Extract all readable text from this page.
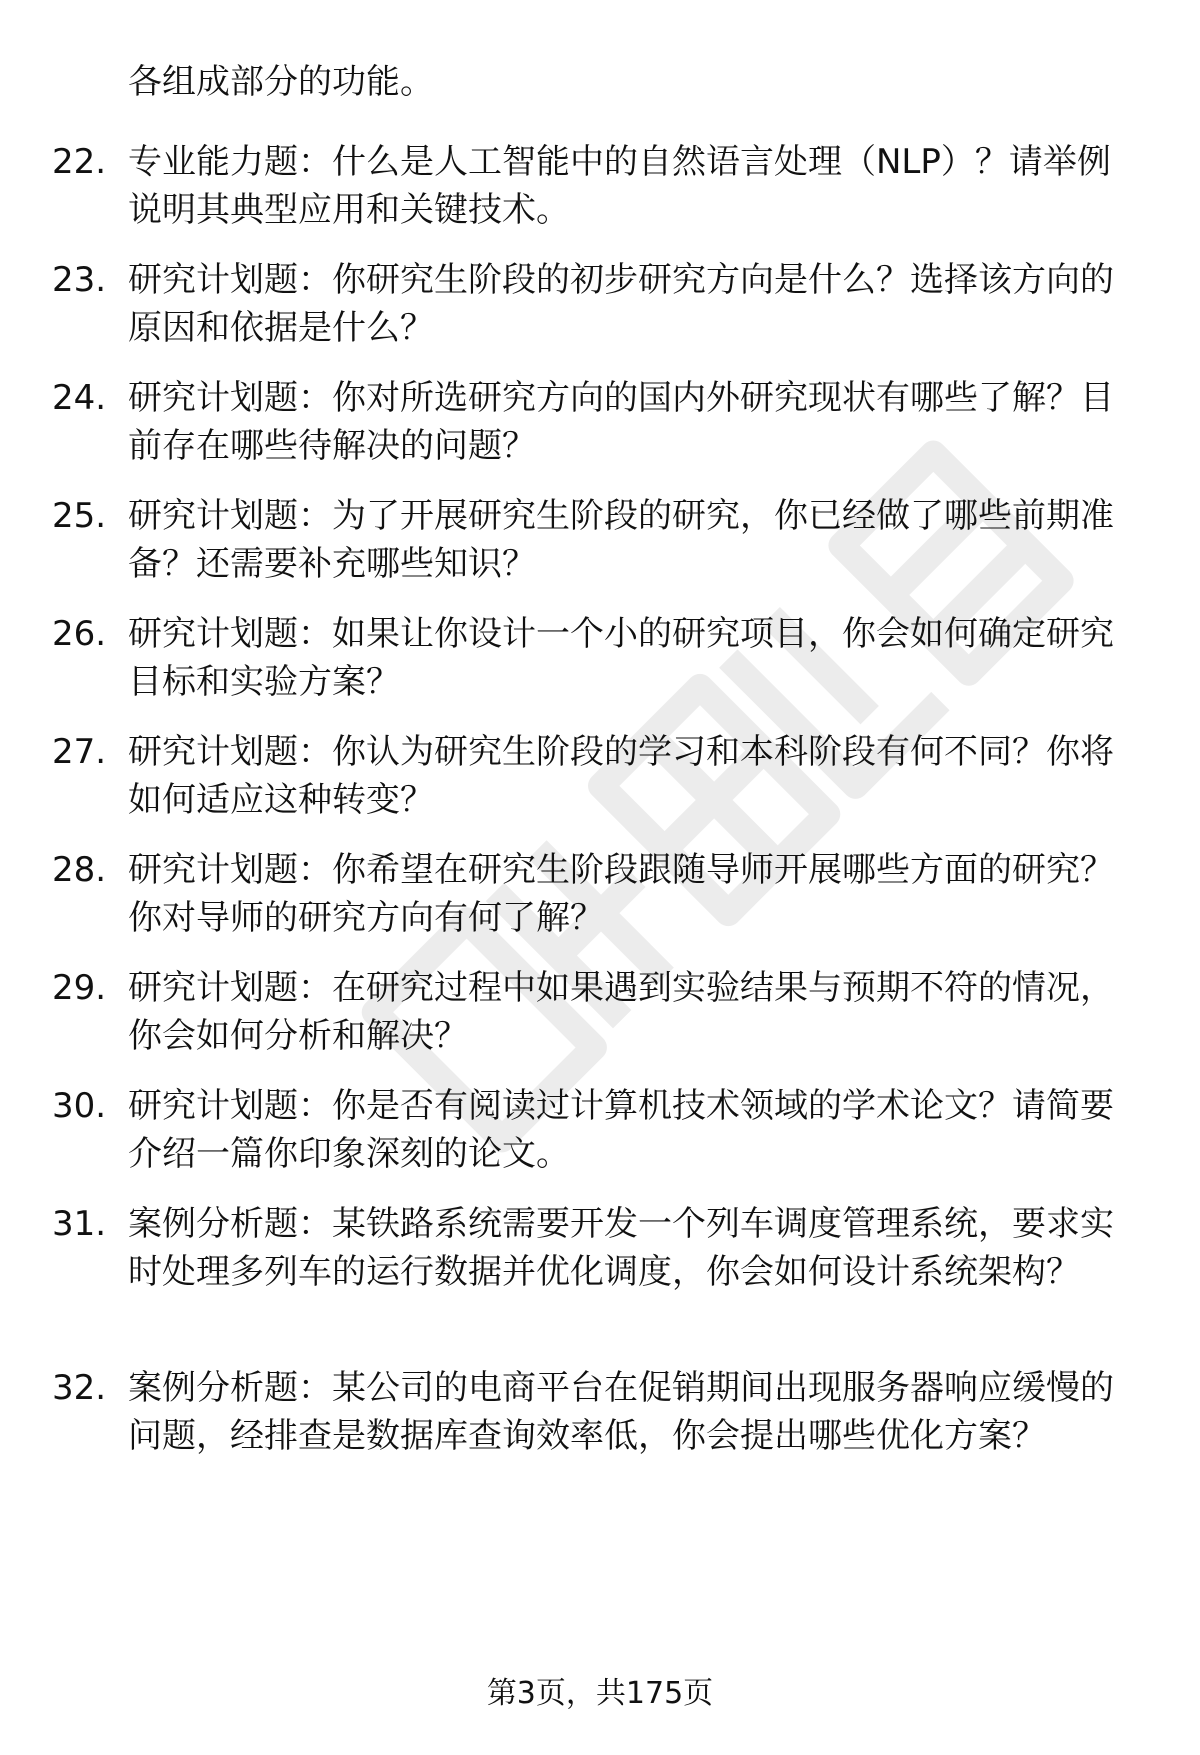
各组成部分的功能。

22. 专业能力题：什么是人工智能中的自然语言处理（NLP）？请举例说明其典型应用和关键技术。
23. 研究计划题：你研究生阶段的初步研究方向是什么？选择该方向的原因和依据是什么？
24. 研究计划题：你对所选研究方向的国内外研究现状有哪些了解？目前存在哪些待解决的问题？
25. 研究计划题：为了开展研究生阶段的研究，你已经做了哪些前期准备？还需要补充哪些知识？
26. 研究计划题：如果让你设计一个小的研究项目，你会如何确定研究目标和实验方案？
27. 研究计划题：你认为研究生阶段的学习和本科阶段有何不同？你将如何适应这种转变？
28. 研究计划题：你希望在研究生阶段跟随导师开展哪些方面的研究？你对导师的研究方向有何了解？
29. 研究计划题：在研究过程中如果遇到实验结果与预期不符的情况，你会如何分析和解决？
30. 研究计划题：你是否有阅读过计算机技术领域的学术论文？请简要介绍一篇你印象深刻的论文。
31. 案例分析题：某铁路系统需要开发一个列车调度管理系统，要求实时处理多列车的运行数据并优化调度，你会如何设计系统架构？
32. 案例分析题：某公司的电商平台在促销期间出现服务器响应缓慢的问题，经排查是数据库查询效率低，你会提出哪些优化方案？
第3页，共175页
